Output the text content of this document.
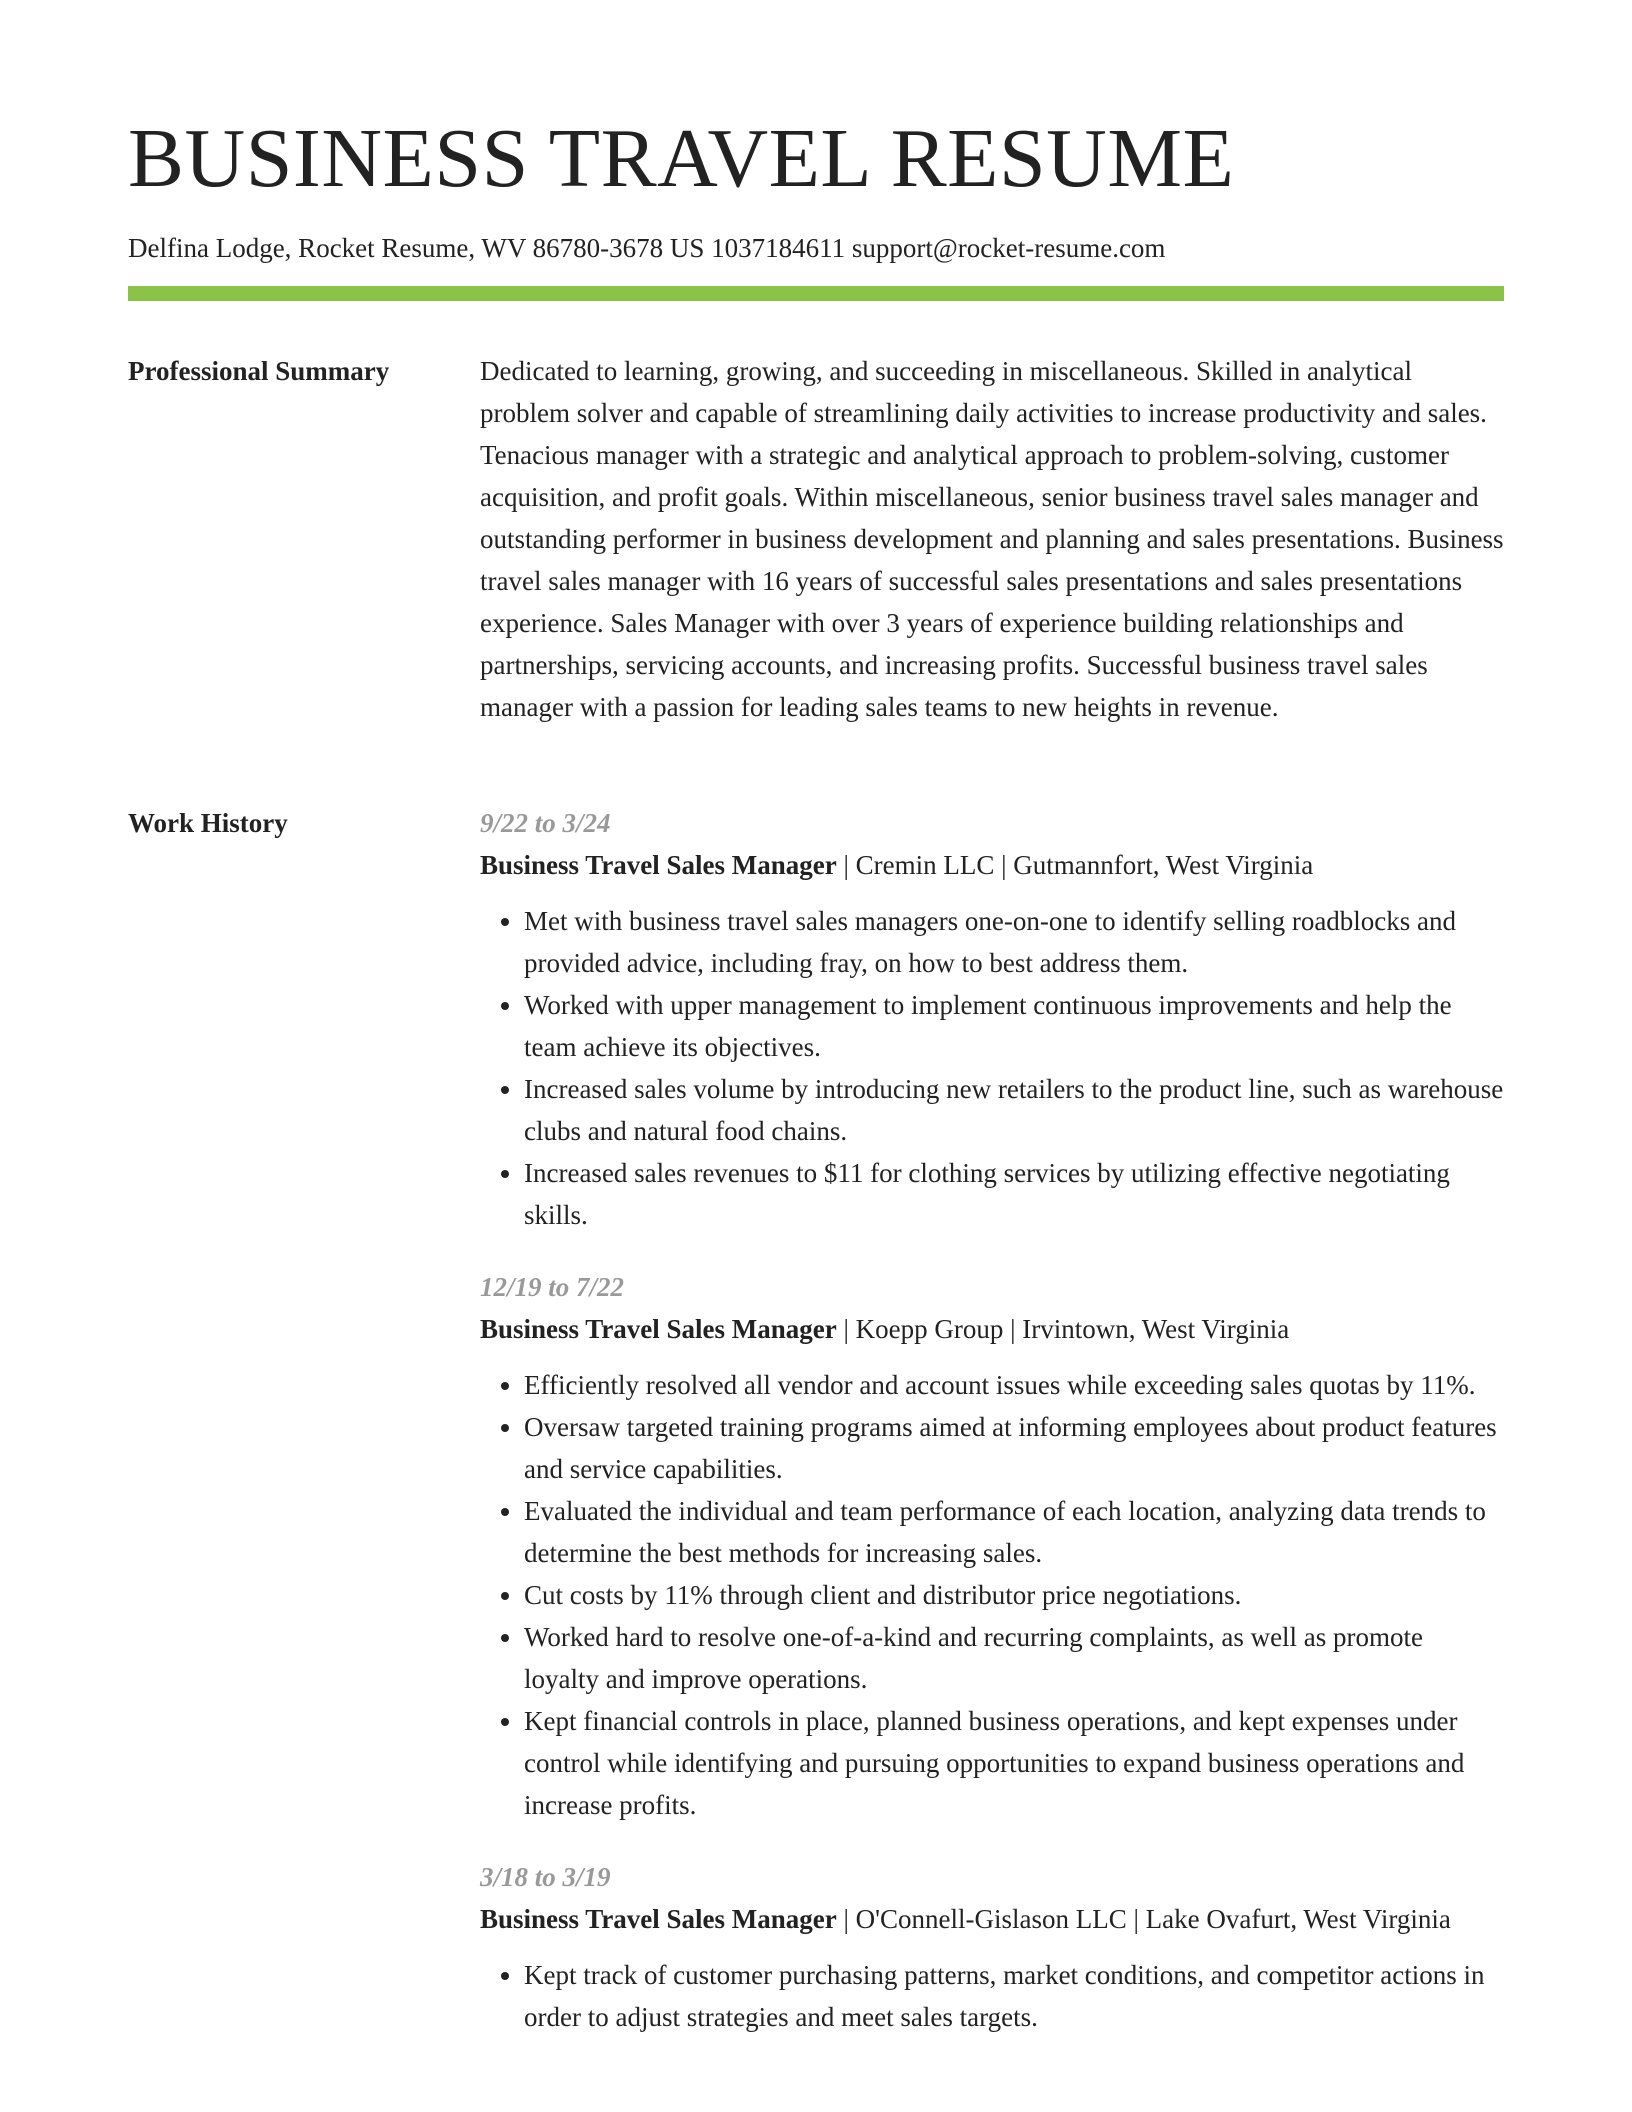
BUSINESS TRAVEL RESUME
Delfina Lodge, Rocket Resume, WV 86780-3678 US 1037184611 support@rocket-resume.com
Professional Summary	Dedicated to learning, growing, and succeeding in miscellaneous. Skilled in analytical problem solver and capable of streamlining daily activities to increase productivity and sales. Tenacious manager with a strategic and analytical approach to problem-solving, customer acquisition, and profit goals. Within miscellaneous, senior business travel sales manager and outstanding performer in business development and planning and sales presentations. Business travel sales manager with 16 years of successful sales presentations and sales presentations experience. Sales Manager with over 3 years of experience building relationships and partnerships, servicing accounts, and increasing profits. Successful business travel sales manager with a passion for leading sales teams to new heights in revenue.

Work History	9/22 to 3/24
Business Travel Sales Manager | Cremin LLC | Gutmannfort, West Virginia
• Met with business travel sales managers one-on-one to identify selling roadblocks and provided advice, including fray, on how to best address them.
• Worked with upper management to implement continuous improvements and help the team achieve its objectives.
• Increased sales volume by introducing new retailers to the product line, such as warehouse clubs and natural food chains.
• Increased sales revenues to $11 for clothing services by utilizing effective negotiating skills.
12/19 to 7/22
Business Travel Sales Manager | Koepp Group | Irvintown, West Virginia
• Efficiently resolved all vendor and account issues while exceeding sales quotas by 11%.
• Oversaw targeted training programs aimed at informing employees about product features and service capabilities.
• Evaluated the individual and team performance of each location, analyzing data trends to determine the best methods for increasing sales.
• Cut costs by 11% through client and distributor price negotiations.
• Worked hard to resolve one-of-a-kind and recurring complaints, as well as promote loyalty and improve operations.
• Kept financial controls in place, planned business operations, and kept expenses under control while identifying and pursuing opportunities to expand business operations and increase profits.
3/18 to 3/19
Business Travel Sales Manager | O'Connell-Gislason LLC | Lake Ovafurt, West Virginia
• Kept track of customer purchasing patterns, market conditions, and competitor actions in order to adjust strategies and meet sales targets.
